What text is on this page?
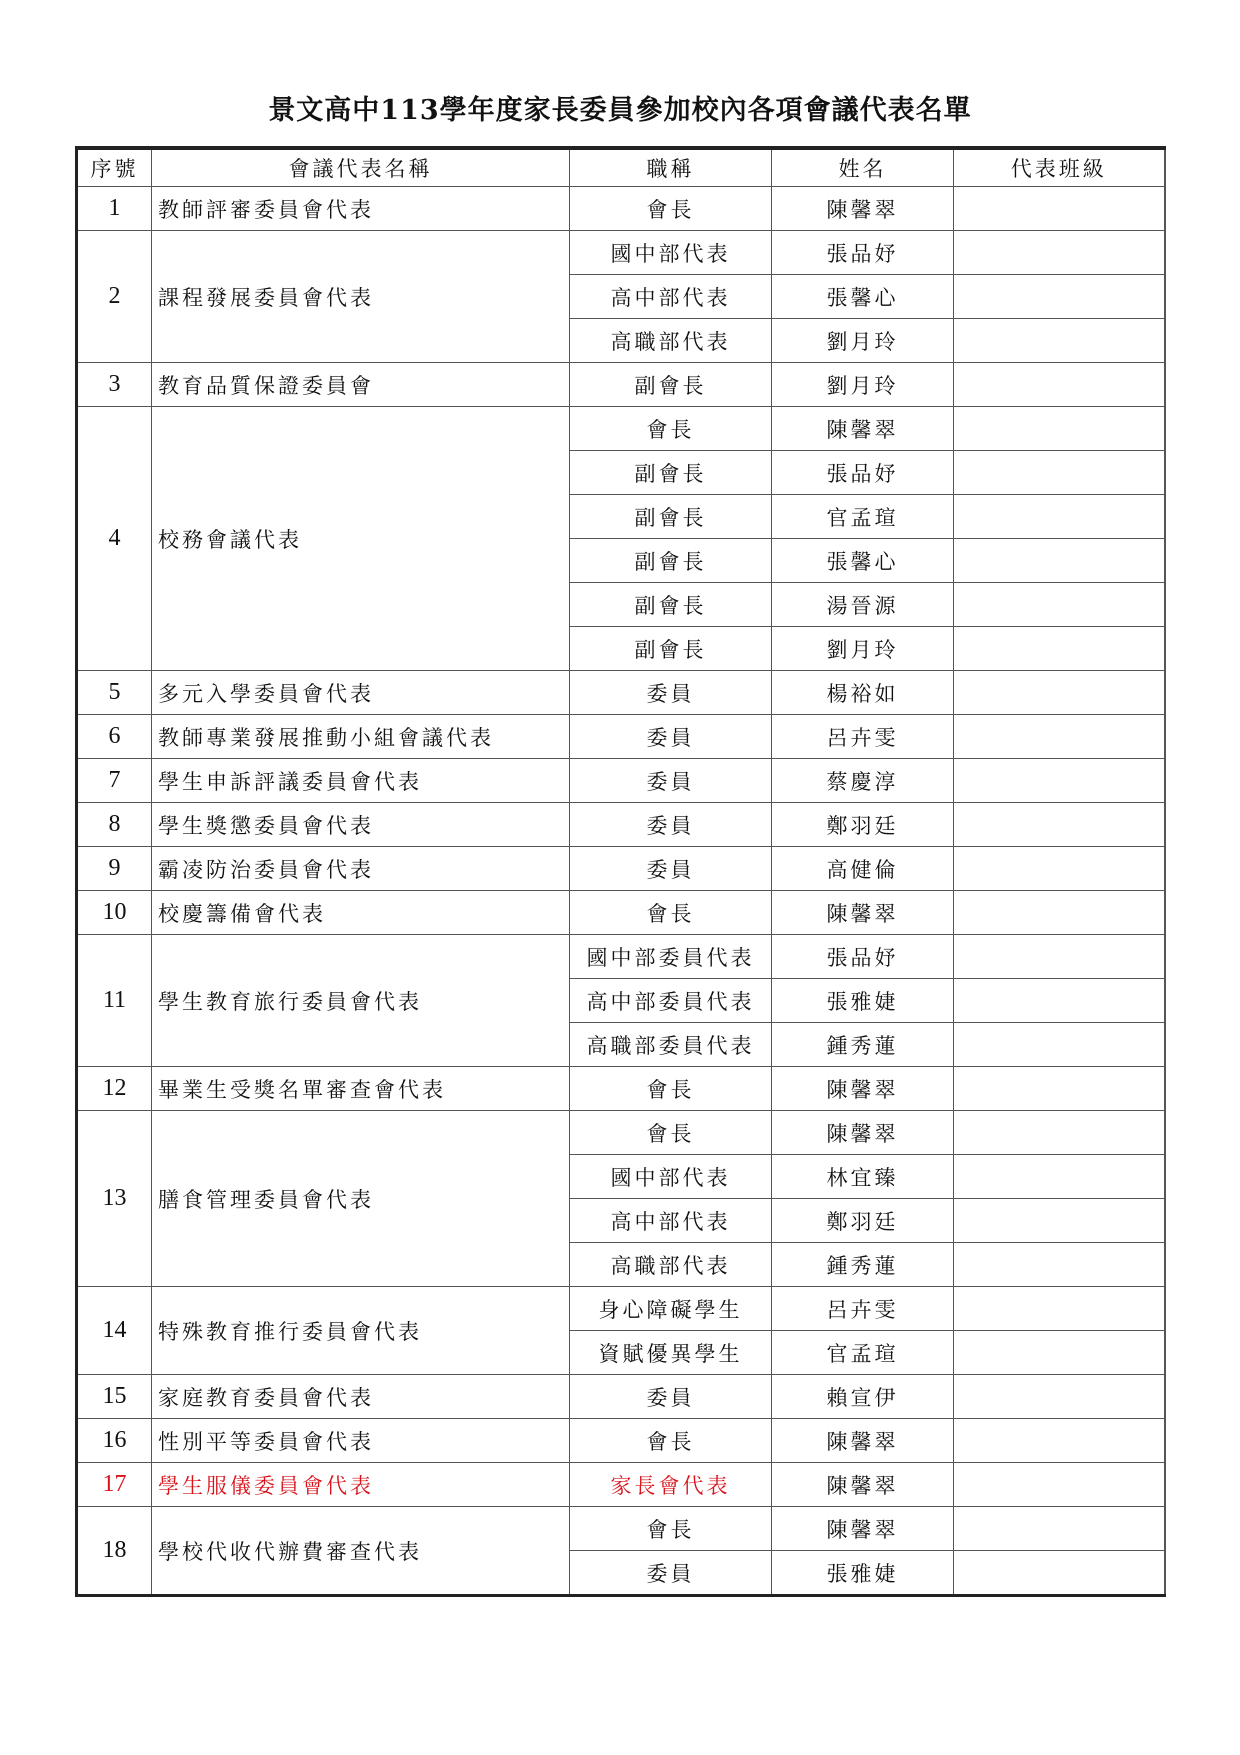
景文高中113學年度家長委員參加校內各項會議代表名單
序號	會議代表名稱	職稱	姓名	代表班級
1	教師評審委員會代表	會長	陳馨翠	
2	課程發展委員會代表	國中部代表	張品妤	
		高中部代表	張馨心	
		高職部代表	劉月玲	
3	教育品質保證委員會	副會長	劉月玲	
4	校務會議代表	會長	陳馨翠	
		副會長	張品妤	
		副會長	官孟瑄	
		副會長	張馨心	
		副會長	湯晉源	
		副會長	劉月玲	
5	多元入學委員會代表	委員	楊裕如	
6	教師專業發展推動小組會議代表	委員	呂卉雯	
7	學生申訴評議委員會代表	委員	蔡慶淳	
8	學生獎懲委員會代表	委員	鄭羽廷	
9	霸凌防治委員會代表	委員	高健倫	
10	校慶籌備會代表	會長	陳馨翠	
11	學生教育旅行委員會代表	國中部委員代表	張品妤	
		高中部委員代表	張雅婕	
		高職部委員代表	鍾秀蓮	
12	畢業生受獎名單審查會代表	會長	陳馨翠	
13	膳食管理委員會代表	會長	陳馨翠	
		國中部代表	林宜臻	
		高中部代表	鄭羽廷	
		高職部代表	鍾秀蓮	
14	特殊教育推行委員會代表	身心障礙學生	呂卉雯	
		資賦優異學生	官孟瑄	
15	家庭教育委員會代表	委員	賴宣伊	
16	性別平等委員會代表	會長	陳馨翠	
17	學生服儀委員會代表	家長會代表	陳馨翠	
18	學校代收代辦費審查代表	會長	陳馨翠	
		委員	張雅婕	
